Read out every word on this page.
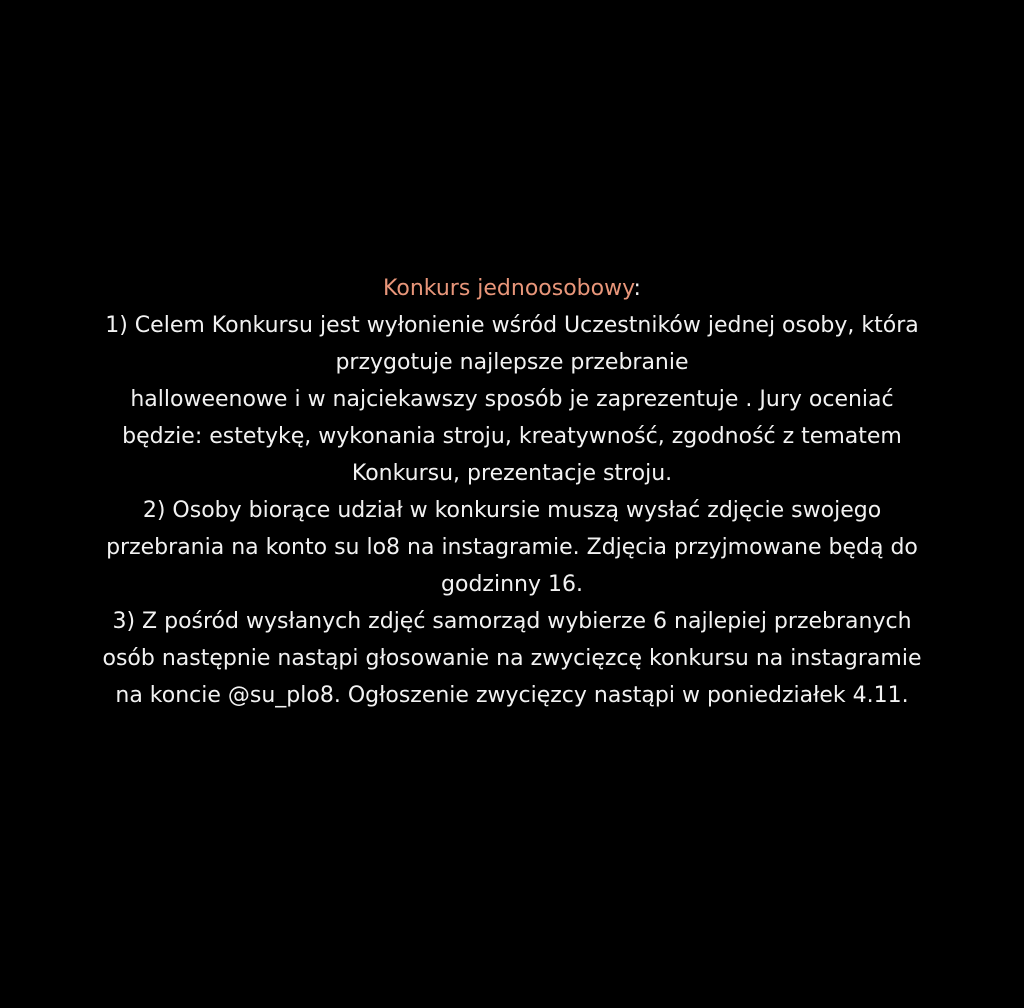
Konkurs jednoosobowy:
1) Celem Konkursu jest wyłonienie wśród Uczestników jednej osoby, która
przygotuje najlepsze przebranie
halloweenowe i w najciekawszy sposób je zaprezentuje . Jury oceniać
będzie: estetykę, wykonania stroju, kreatywność, zgodność z tematem
Konkursu, prezentacje stroju.
2) Osoby biorące udział w konkursie muszą wysłać zdjęcie swojego
przebrania na konto su lo8 na instagramie. Zdjęcia przyjmowane będą do
godzinny 16.
3) Z pośród wysłanych zdjęć samorząd wybierze 6 najlepiej przebranych
osób następnie nastąpi głosowanie na zwycięzcę konkursu na instagramie
na koncie @su_plo8. Ogłoszenie zwycięzcy nastąpi w poniedziałek 4.11.
